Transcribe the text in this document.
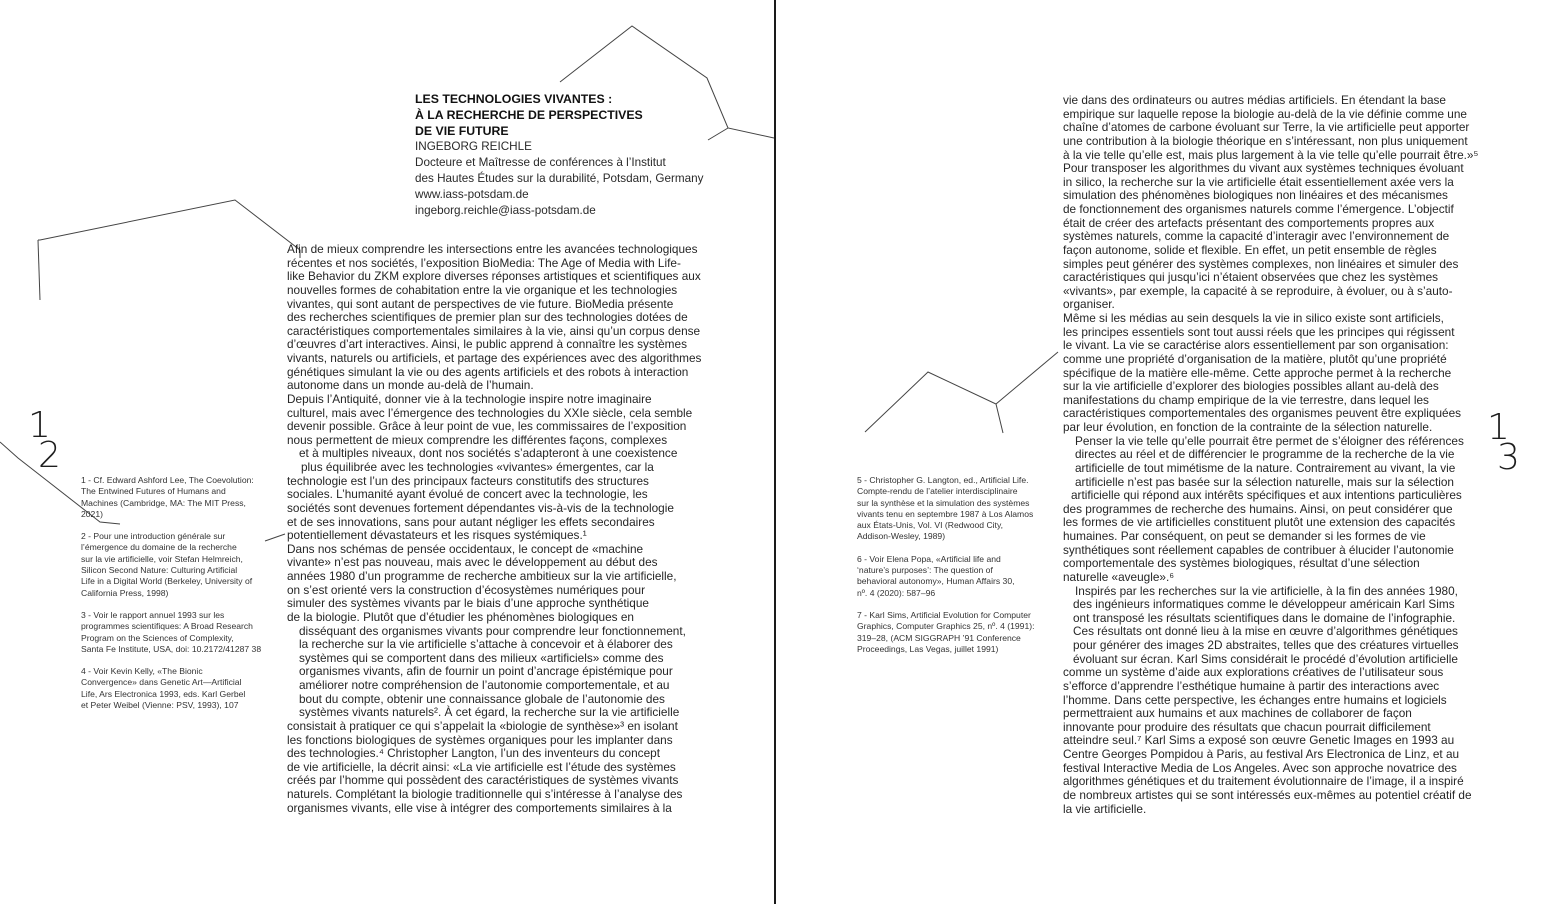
1
2
1
3
LES TECHNOLOGIES VIVANTES :
À LA RECHERCHE DE PERSPECTIVES
DE VIE FUTURE
INGEBORG REICHLE
Docteure et Maîtresse de conférences à l’Institut
des Hautes Études sur la durabilité, Potsdam, Germany
www.iass-potsdam.de
ingeborg.reichle@iass-potsdam.de
Afin de mieux comprendre les intersections entre les avancées technologiques
récentes et nos sociétés, l’exposition BioMedia: The Age of Media with Life-
like Behavior du ZKM explore diverses réponses artistiques et scientifiques aux
nouvelles formes de cohabitation entre la vie organique et les technologies
vivantes, qui sont autant de perspectives de vie future. BioMedia présente
des recherches scientifiques de premier plan sur des technologies dotées de
caractéristiques comportementales similaires à la vie, ainsi qu’un corpus dense
d’œuvres d’art interactives. Ainsi, le public apprend à connaître les systèmes
vivants, naturels ou artificiels, et partage des expériences avec des algorithmes
génétiques simulant la vie ou des agents artificiels et des robots à interaction
autonome dans un monde au-delà de l’humain.
Depuis l’Antiquité, donner vie à la technologie inspire notre imaginaire
culturel, mais avec l’émergence des technologies du XXIe siècle, cela semble
devenir possible. Grâce à leur point de vue, les commissaires de l’exposition
nous permettent de mieux comprendre les différentes façons, complexes
et à multiples niveaux, dont nos sociétés s’adapteront à une coexistence
plus équilibrée avec les technologies «vivantes» émergentes, car la
technologie est l’un des principaux facteurs constitutifs des structures
sociales. L’humanité ayant évolué de concert avec la technologie, les
sociétés sont devenues fortement dépendantes vis-à-vis de la technologie
et de ses innovations, sans pour autant négliger les effets secondaires
potentiellement dévastateurs et les risques systémiques.¹
Dans nos schémas de pensée occidentaux, le concept de «machine
vivante» n’est pas nouveau, mais avec le développement au début des
années 1980 d’un programme de recherche ambitieux sur la vie artificielle,
on s’est orienté vers la construction d’écosystèmes numériques pour
simuler des systèmes vivants par le biais d’une approche synthétique
de la biologie. Plutôt que d’étudier les phénomènes biologiques en
disséquant des organismes vivants pour comprendre leur fonctionnement,
la recherche sur la vie artificielle s’attache à concevoir et à élaborer des
systèmes qui se comportent dans des milieux «artificiels» comme des
organismes vivants, afin de fournir un point d’ancrage épistémique pour
améliorer notre compréhension de l’autonomie comportementale, et au
bout du compte, obtenir une connaissance globale de l’autonomie des
systèmes vivants naturels². À cet égard, la recherche sur la vie artificielle
consistait à pratiquer ce qui s’appelait la «biologie de synthèse»³ en isolant
les fonctions biologiques de systèmes organiques pour les implanter dans
des technologies.⁴ Christopher Langton, l’un des inventeurs du concept
de vie artificielle, la décrit ainsi: «La vie artificielle est l’étude des systèmes
créés par l’homme qui possèdent des caractéristiques de systèmes vivants
naturels. Complétant la biologie traditionnelle qui s’intéresse à l’analyse des
organismes vivants, elle vise à intégrer des comportements similaires à la
vie dans des ordinateurs ou autres médias artificiels. En étendant la base
empirique sur laquelle repose la biologie au-delà de la vie définie comme une
chaîne d’atomes de carbone évoluant sur Terre, la vie artificielle peut apporter
une contribution à la biologie théorique en s’intéressant, non plus uniquement
à la vie telle qu’elle est, mais plus largement à la vie telle qu’elle pourrait être.»⁵
Pour transposer les algorithmes du vivant aux systèmes techniques évoluant
in silico, la recherche sur la vie artificielle était essentiellement axée vers la
simulation des phénomènes biologiques non linéaires et des mécanismes
de fonctionnement des organismes naturels comme l’émergence. L’objectif
était de créer des artefacts présentant des comportements propres aux
systèmes naturels, comme la capacité d’interagir avec l’environnement de
façon autonome, solide et flexible. En effet, un petit ensemble de règles
simples peut générer des systèmes complexes, non linéaires et simuler des
caractéristiques qui jusqu’ici n’étaient observées que chez les systèmes
«vivants», par exemple, la capacité à se reproduire, à évoluer, ou à s’auto-
organiser.
Même si les médias au sein desquels la vie in silico existe sont artificiels,
les principes essentiels sont tout aussi réels que les principes qui régissent
le vivant. La vie se caractérise alors essentiellement par son organisation:
comme une propriété d’organisation de la matière, plutôt qu’une propriété
spécifique de la matière elle-même. Cette approche permet à la recherche
sur la vie artificielle d’explorer des biologies possibles allant au-delà des
manifestations du champ empirique de la vie terrestre, dans lequel les
caractéristiques comportementales des organismes peuvent être expliquées
par leur évolution, en fonction de la contrainte de la sélection naturelle.
Penser la vie telle qu’elle pourrait être permet de s’éloigner des références
directes au réel et de différencier le programme de la recherche de la vie
artificielle de tout mimétisme de la nature. Contrairement au vivant, la vie
artificielle n’est pas basée sur la sélection naturelle, mais sur la sélection
artificielle qui répond aux intérêts spécifiques et aux intentions particulières
des programmes de recherche des humains. Ainsi, on peut considérer que
les formes de vie artificielles constituent plutôt une extension des capacités
humaines. Par conséquent, on peut se demander si les formes de vie
synthétiques sont réellement capables de contribuer à élucider l’autonomie
comportementale des systèmes biologiques, résultat d’une sélection
naturelle «aveugle».⁶
Inspirés par les recherches sur la vie artificielle, à la fin des années 1980,
des ingénieurs informatiques comme le développeur américain Karl Sims
ont transposé les résultats scientifiques dans le domaine de l’infographie.
Ces résultats ont donné lieu à la mise en œuvre d’algorithmes génétiques
pour générer des images 2D abstraites, telles que des créatures virtuelles
évoluant sur écran. Karl Sims considérait le procédé d’évolution artificielle
comme un système d’aide aux explorations créatives de l’utilisateur sous
s’efforce d’apprendre l’esthétique humaine à partir des interactions avec
l’homme. Dans cette perspective, les échanges entre humains et logiciels
permettraient aux humains et aux machines de collaborer de façon
innovante pour produire des résultats que chacun pourrait difficilement
atteindre seul.⁷ Karl Sims a exposé son œuvre Genetic Images en 1993 au
Centre Georges Pompidou à Paris, au festival Ars Electronica de Linz, et au
festival Interactive Media de Los Angeles. Avec son approche novatrice des
algorithmes génétiques et du traitement évolutionnaire de l’image, il a inspiré
de nombreux artistes qui se sont intéressés eux-mêmes au potentiel créatif de
la vie artificielle.
1 - Cf. Edward Ashford Lee, The Coevolution:
The Entwined Futures of Humans and
Machines (Cambridge, MA: The MIT Press,
2021)
2 - Pour une introduction générale sur
l’émergence du domaine de la recherche
sur la vie artificielle, voir Stefan Helmreich,
Silicon Second Nature: Culturing Artificial
Life in a Digital World (Berkeley, University of
California Press, 1998)
3 - Voir le rapport annuel 1993 sur les
programmes scientifiques: A Broad Research
Program on the Sciences of Complexity,
Santa Fe Institute, USA, doi: 10.2172/41287 38
4 - Voir Kevin Kelly, «The Bionic
Convergence» dans Genetic Art—Artificial
Life, Ars Electronica 1993, eds. Karl Gerbel
et Peter Weibel (Vienne: PSV, 1993), 107
5 - Christopher G. Langton, ed., Artificial Life.
Compte-rendu de l’atelier interdisciplinaire
sur la synthèse et la simulation des systèmes
vivants tenu en septembre 1987 à Los Alamos
aux États-Unis, Vol. VI (Redwood City,
Addison-Wesley, 1989)
6 - Voir Elena Popa, «Artificial life and
‘nature’s purposes’: The question of
behavioral autonomy», Human Affairs 30,
nº. 4 (2020): 587–96
7 - Karl Sims, Artificial Evolution for Computer
Graphics, Computer Graphics 25, nº. 4 (1991):
319–28, (ACM SIGGRAPH ’91 Conference
Proceedings, Las Vegas, juillet 1991)
